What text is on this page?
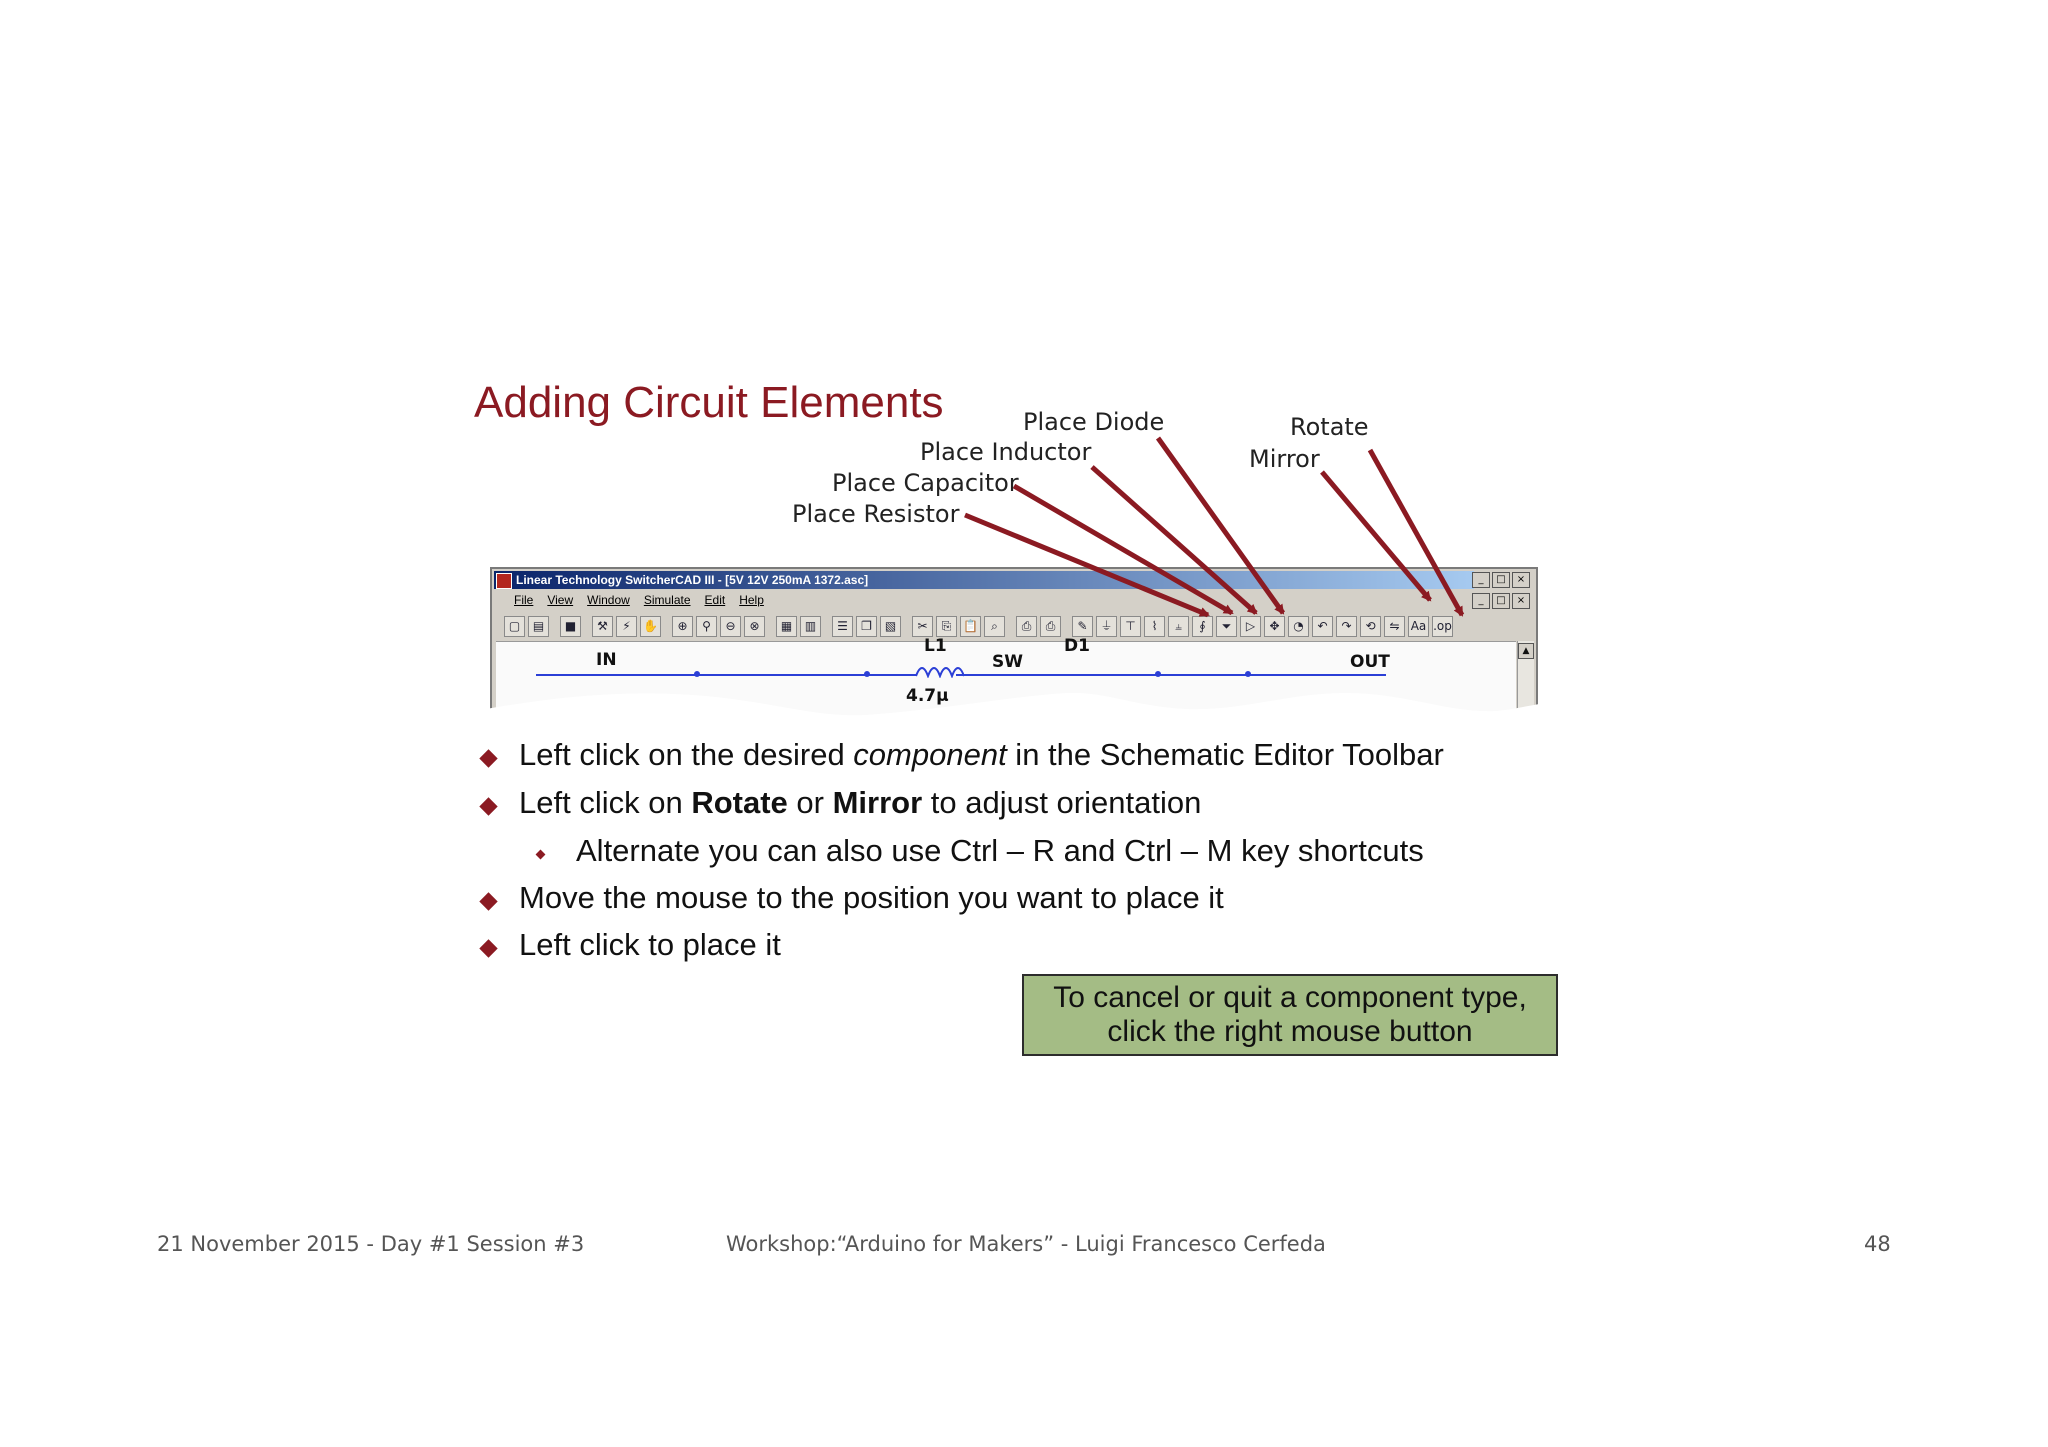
Adding Circuit Elements	Place Diode	Rotate
Place Inductor	Mirror
Place Capacitor
Place Resistor
Linear Technology SwitcherCAD III - [5V 12V 250mA 1372.asc]	_	□	×
_	□	×
File View Window Simulate Edit Help
▢	▤	■	⚒	⚡	✋	⊕	⚲	⊖	⊗	▦	▥	☰	❐	▧	✂	⎘ 📋	⌕	⎙	⎙	✎	⏚	⊤	⌇	⫨	∮	⏷	▷	✥	◔	↶	↷	⟲	⇋ Aa .op
IN
L1
SW
D1
OUT
4.7μ
▲
Left click on the desired component in the Schematic Editor Toolbar
Left click on Rotate or Mirror to adjust orientation
Alternate you can also use Ctrl – R and Ctrl – M key shortcuts
Move the mouse to the position you want to place it
Left click to place it
To cancel or quit a component type,
click the right mouse button
21 November 2015 - Day #1 Session #3	Workshop:“Arduino for Makers” - Luigi Francesco Cerfeda	48
